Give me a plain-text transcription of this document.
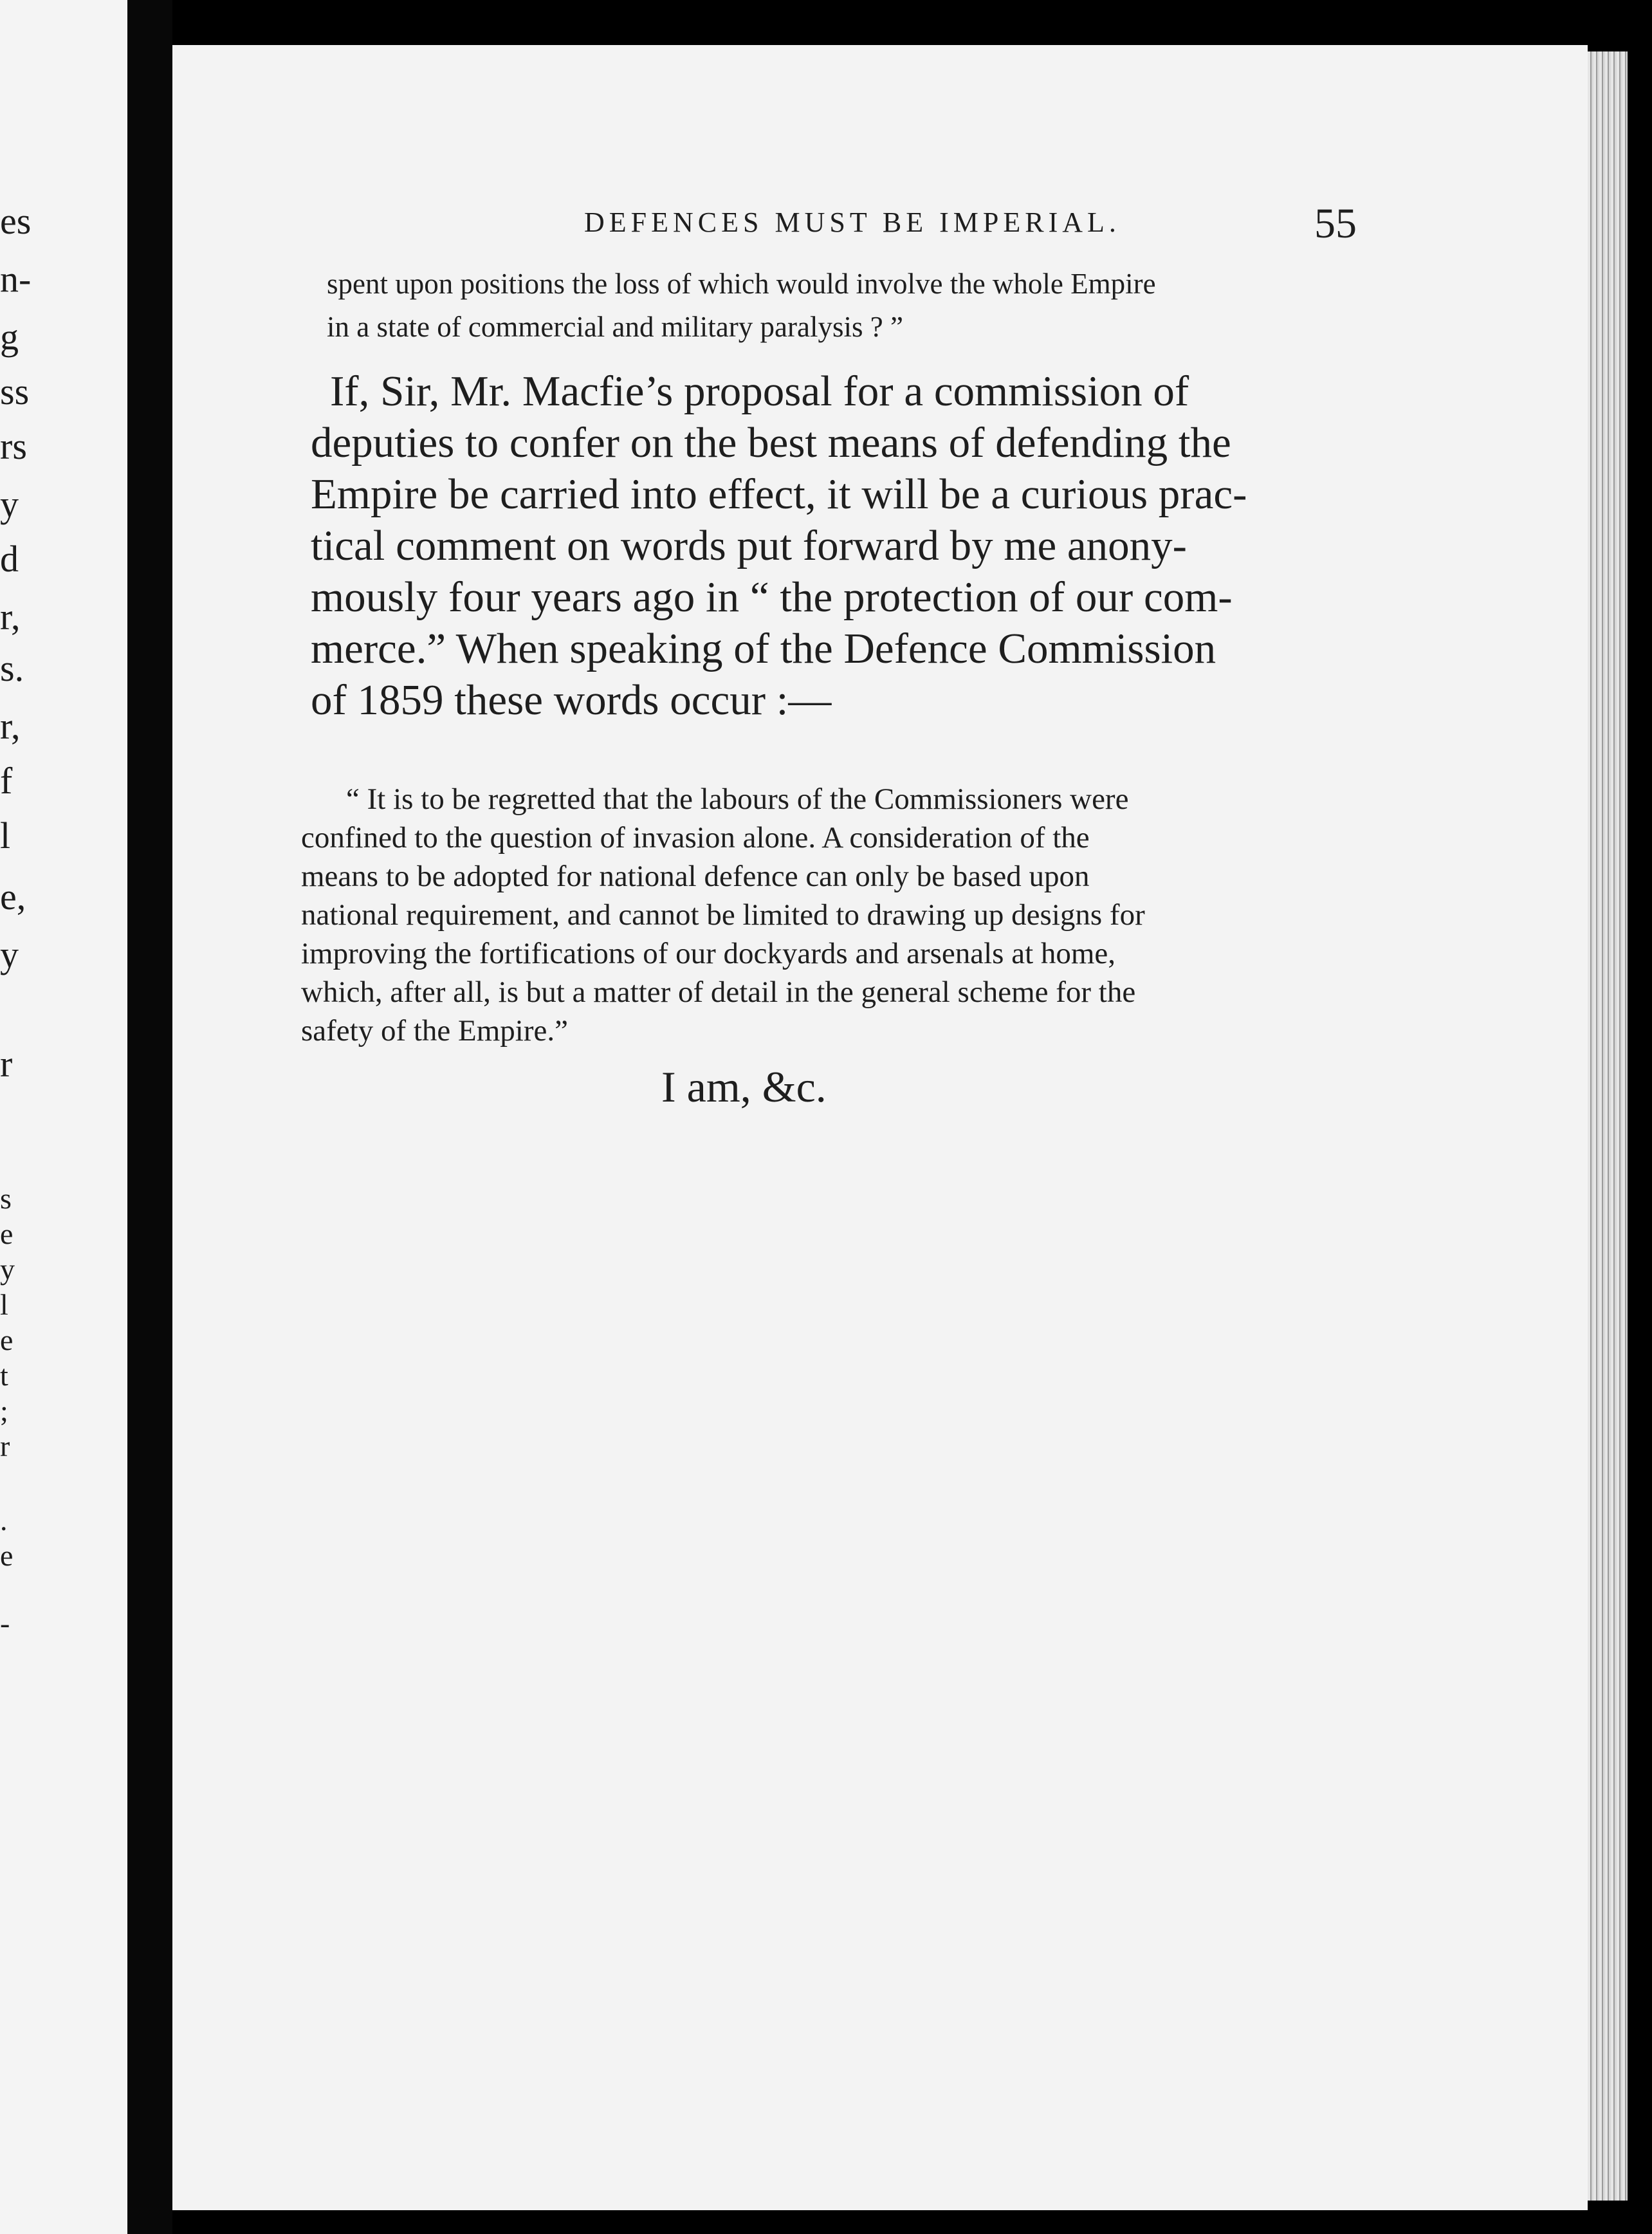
es
n-
g
ss
rs
y
d
r,
s.
r,
f
l
e,
y
r
s
e
y
l
e
t
;
r
.
e
-
DEFENCES MUST BE IMPERIAL.	55
spent upon positions the loss of which would involve the whole Empire
in a state of commercial and military paralysis ? ”
If, Sir, Mr. Macfie’s proposal for a commission of
deputies to confer on the best means of defending the
Empire be carried into effect, it will be a curious prac-
tical comment on words put forward by me anony-
mously four years ago in “ the protection of our com-
merce.” When speaking of the Defence Commission
of 1859 these words occur :—
“ It is to be regretted that the labours of the Commissioners were
confined to the question of invasion alone. A consideration of the
means to be adopted for national defence can only be based upon
national requirement, and cannot be limited to drawing up designs for
improving the fortifications of our dockyards and arsenals at home,
which, after all, is but a matter of detail in the general scheme for the
safety of the Empire.”
I am, &c.
